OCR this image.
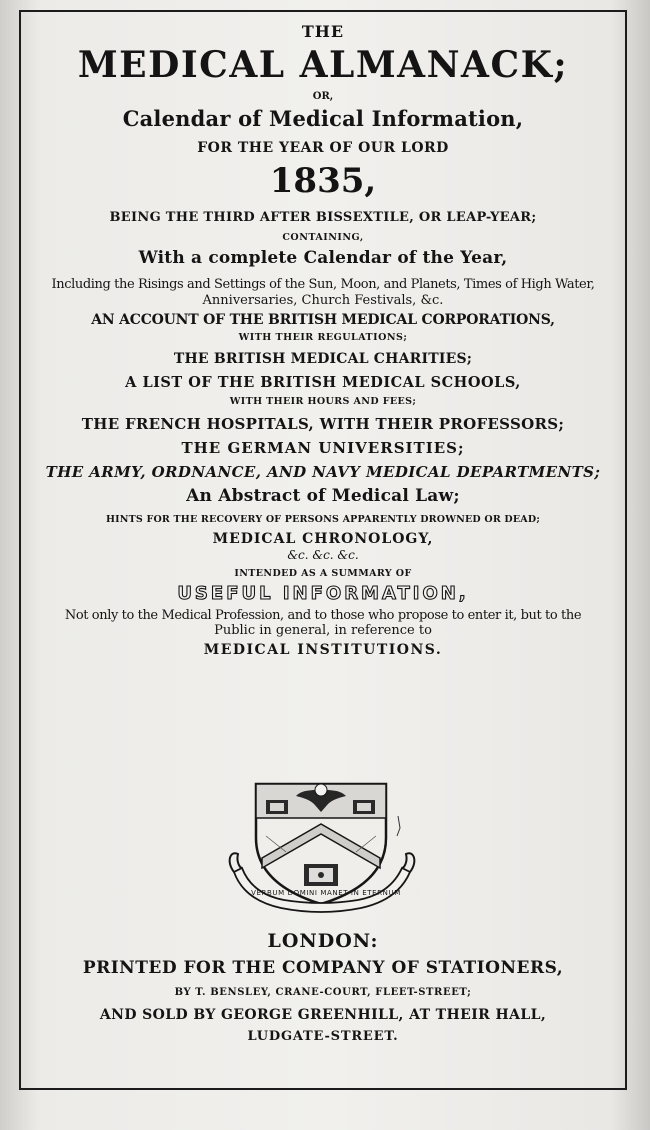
THE
MEDICAL ALMANACK;
OR,
Calendar of Medical Information,
FOR THE YEAR OF OUR LORD
1835,
BEING THE THIRD AFTER BISSEXTILE, OR LEAP-YEAR;
CONTAINING,
With a complete Calendar of the Year,
Including the Risings and Settings of the Sun, Moon, and Planets, Times of High Water,
Anniversaries, Church Festivals, &c.
AN ACCOUNT OF THE BRITISH MEDICAL CORPORATIONS,
WITH THEIR REGULATIONS;
THE BRITISH MEDICAL CHARITIES;
A LIST OF THE BRITISH MEDICAL SCHOOLS,
WITH THEIR HOURS AND FEES;
THE FRENCH HOSPITALS, WITH THEIR PROFESSORS;
THE GERMAN UNIVERSITIES;
THE ARMY, ORDNANCE, AND NAVY MEDICAL DEPARTMENTS;
An Abstract of Medical Law;
HINTS FOR THE RECOVERY OF PERSONS APPARENTLY DROWNED OR DEAD;
MEDICAL CHRONOLOGY,
&c. &c. &c.
INTENDED AS A SUMMARY OF
USEFUL INFORMATION,
Not only to the Medical Profession, and to those who propose to enter it, but to the
Public in general, in reference to
MEDICAL INSTITUTIONS.
VERBUM DOMINI MANET IN ETERNUM
LONDON:
PRINTED FOR THE COMPANY OF STATIONERS,
BY T. BENSLEY, CRANE-COURT, FLEET-STREET;
AND SOLD BY GEORGE GREENHILL, AT THEIR HALL,
LUDGATE-STREET.
